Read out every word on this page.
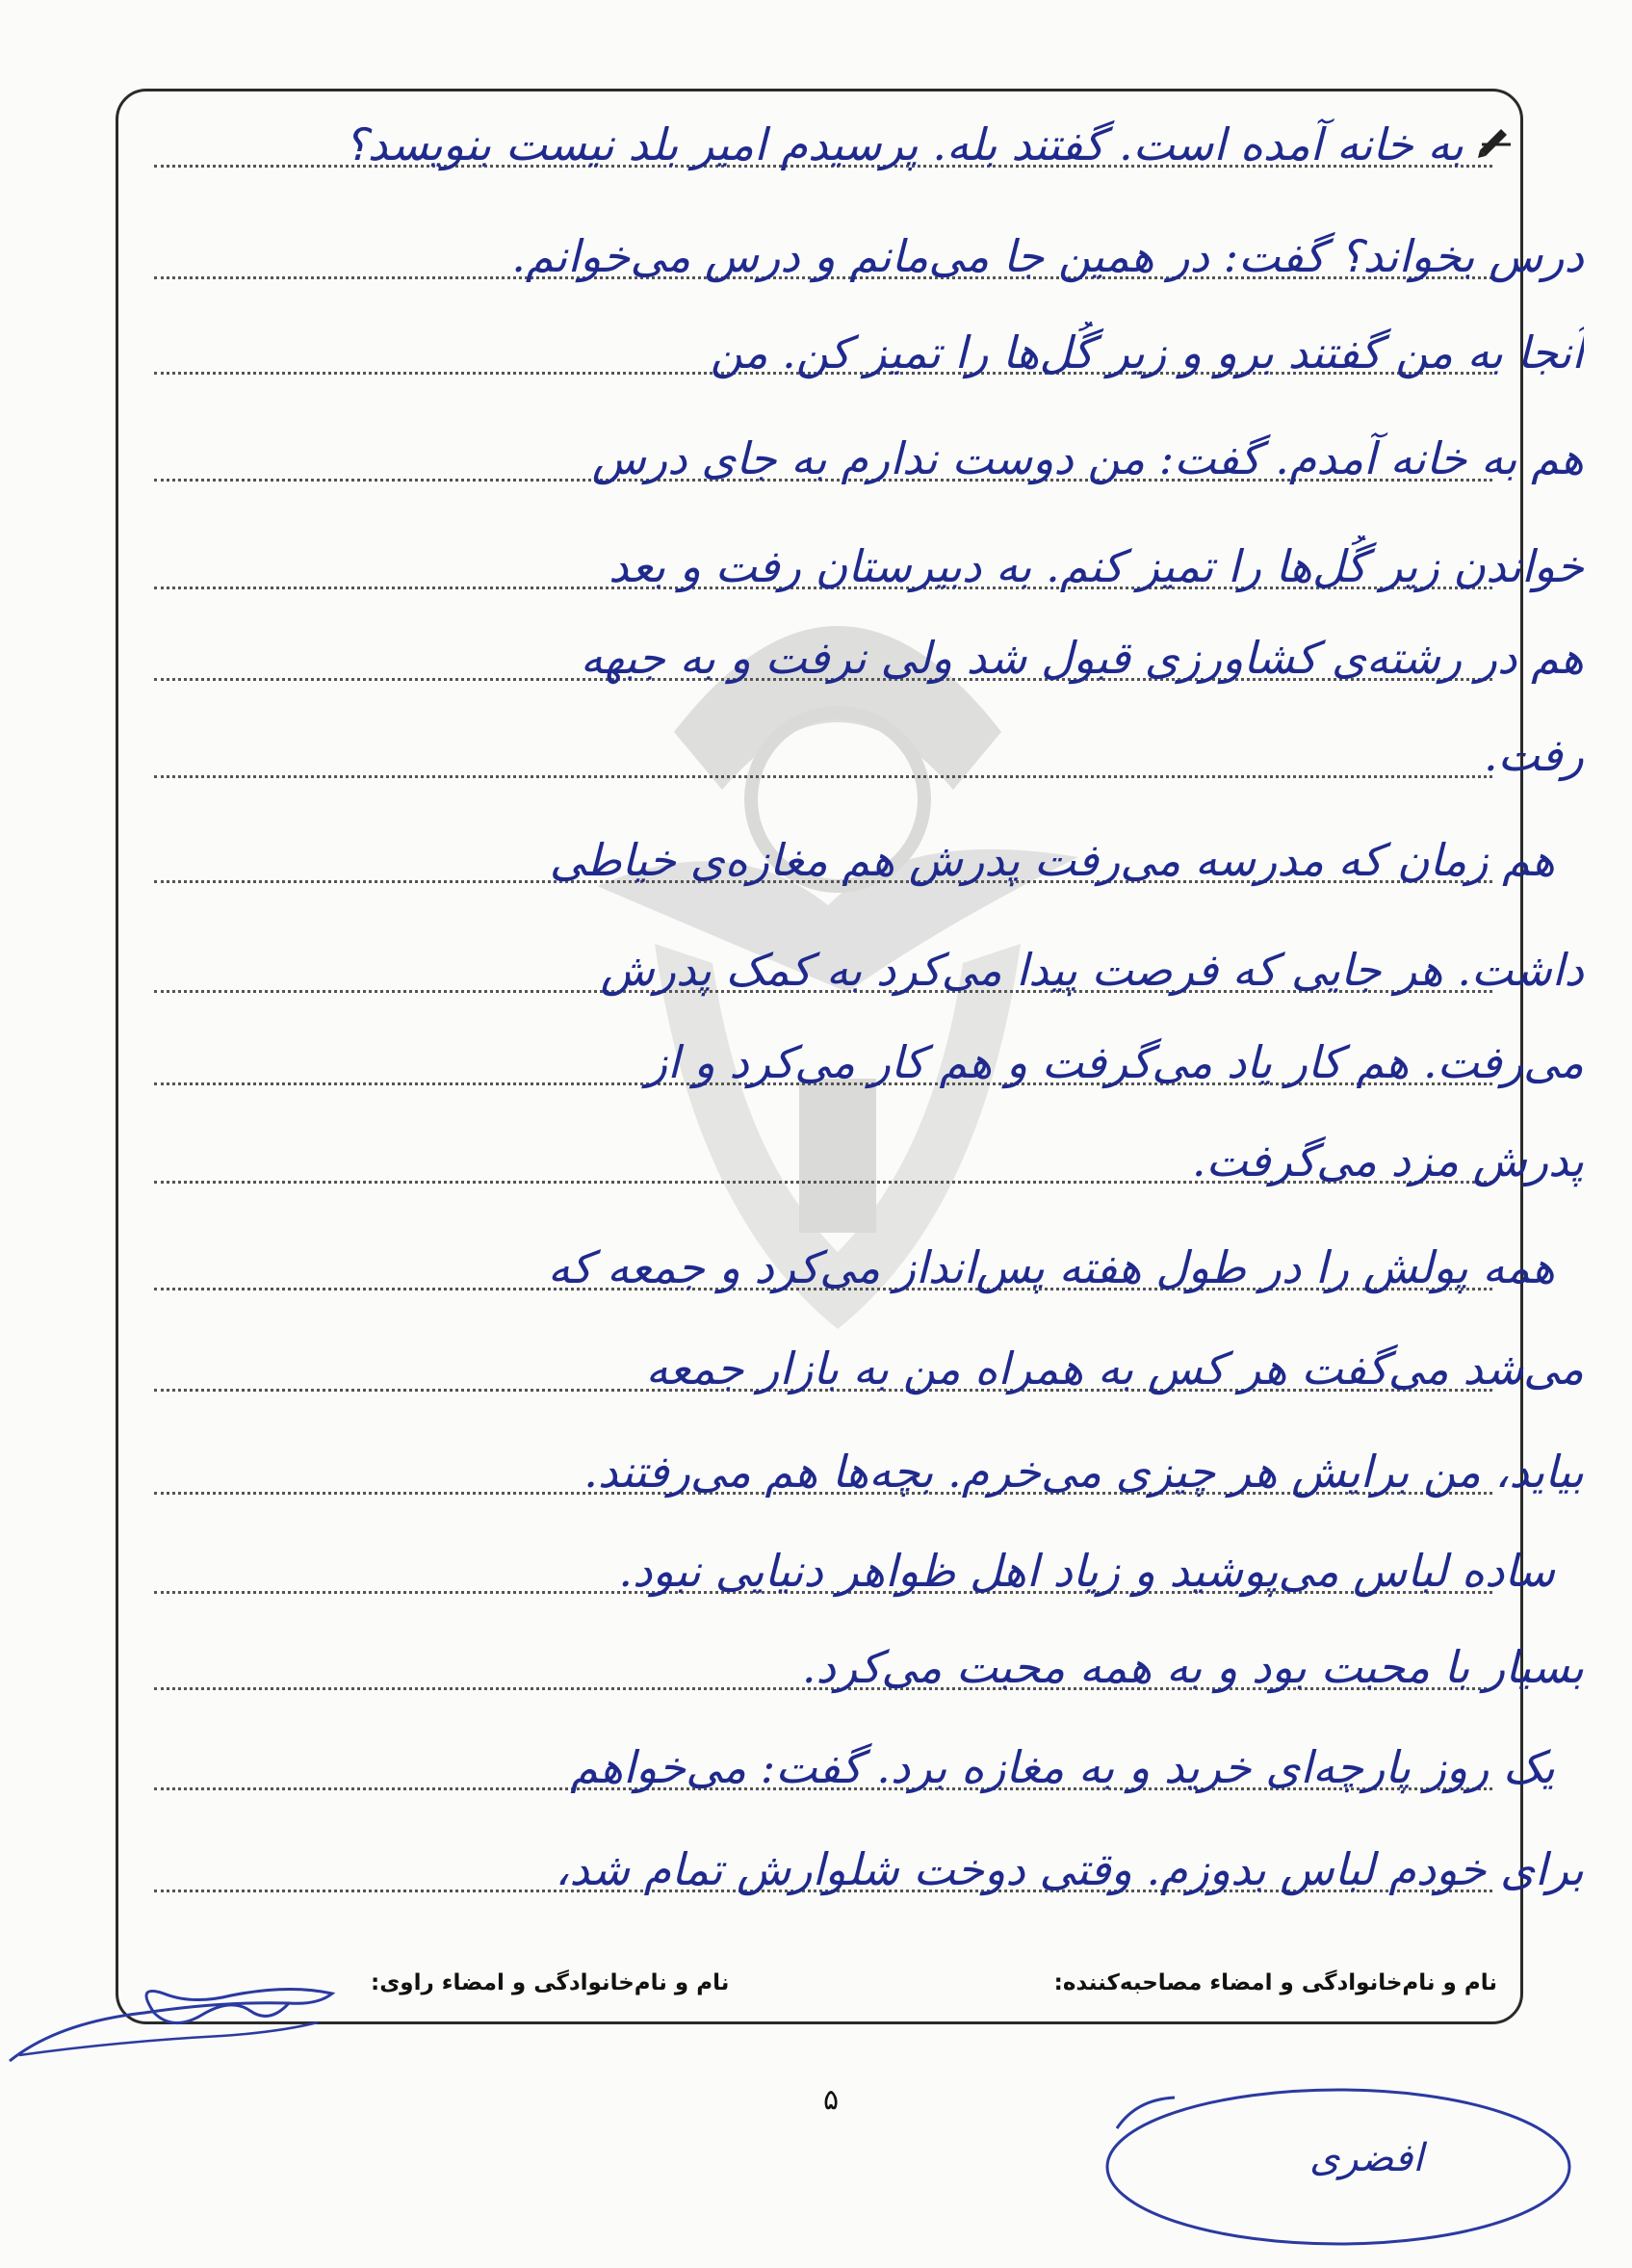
به خانه آمده است. گفتند بله. پرسیدم امیر بلد نیست بنویسد؟
درس بخواند؟ گفت: در همین جا می‌مانم و درس می‌خوانم.
آنجا به من گفتند برو و زیر گُل‌ها را تمیز کن. من
هم به خانه آمدم. گفت: من دوست ندارم به جای درس
خواندن زیر گُل‌ها را تمیز کنم. به دبیرستان رفت و بعد
هم در رشته‌ی کشاورزی قبول شد ولی نرفت و به جبهه
رفت.
هم زمان که مدرسه می‌رفت پدرش هم مغازه‌ی خیاطی
داشت. هر جایی که فرصت پیدا می‌کرد به کمک پدرش
می‌رفت. هم کار یاد می‌گرفت و هم کار می‌کرد و از
پدرش مزد می‌گرفت.
همه پولش را در طول هفته پس‌انداز می‌کرد و جمعه که
می‌شد می‌گفت هر کس به همراه من به بازار جمعه
بیاید، من برایش هر چیزی می‌خرم. بچه‌ها هم می‌رفتند.
ساده لباس می‌پوشید و زیاد اهل ظواهر دنیایی نبود.
بسیار با محبت بود و به همه محبت می‌کرد.
یک روز پارچه‌ای خرید و به مغازه برد. گفت: می‌خواهم
برای خودم لباس بدوزم. وقتی دوخت شلوارش تمام شد،
نام و نام‌خانوادگی و امضاء مصاحبه‌کننده:
نام و نام‌خانوادگی و امضاء راوی:
۵
افضری
